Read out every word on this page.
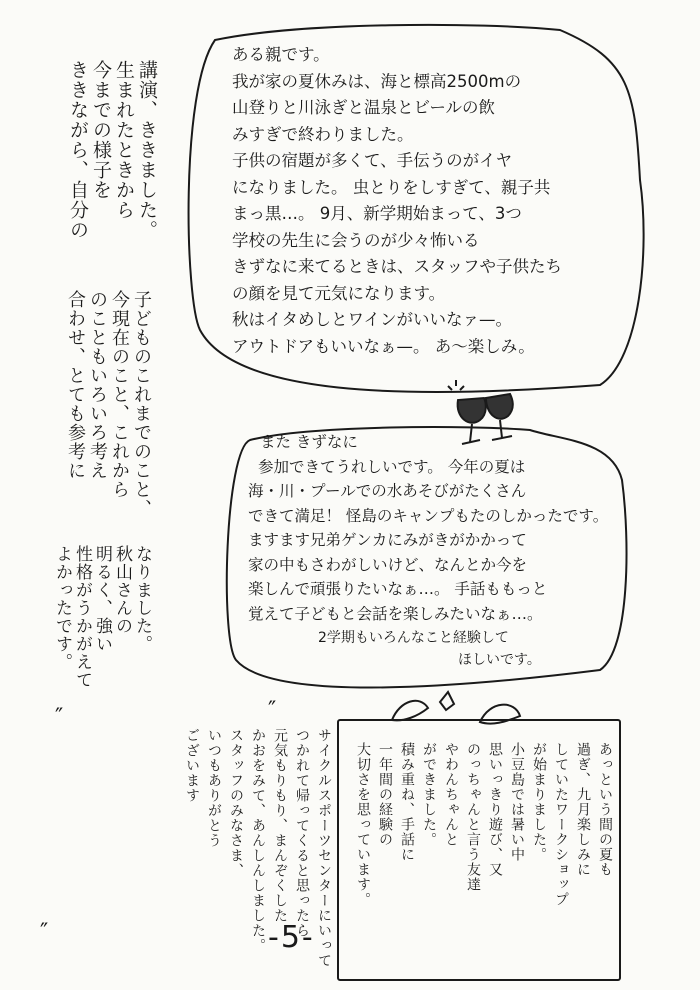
講演、ききました。
生まれたときから
今までの様子を
ききながら、自分の
子どものこれまでのこと、
今現在のこと、これから
のこともいろいろ考え
合わせ、とても参考に
なりました。
秋山さんの
明るく、強い
性格がうかがえて
よかったです。
ある親です。
我が家の夏休みは、海と標高2500mの
山登りと川泳ぎと温泉とビールの飲
みすぎで終わりました。
子供の宿題が多くて、手伝うのがイヤ
になりました。 虫とりをしすぎて、親子共
まっ黒…。 9月、新学期始まって、3つ
学校の先生に会うのが少々怖いる
きずなに来てるときは、スタッフや子供たち
の顔を見て元気になります。
秋はイタめしとワインがいいなァ—。
アウトドアもいいなぁ—。 あ〜楽しみ。
また きずなに
参加できてうれしいです。 今年の夏は
海・川・プールでの水あそびがたくさん
できて満足！ 怪島のキャンプもたのしかったです。
ますます兄弟ゲンカにみがきがかかって
家の中もさわがしいけど、なんとか今を
楽しんで頑張りたいなぁ…。 手話ももっと
覚えて子どもと会話を楽しみたいなぁ…。
2学期もいろんなこと経験して
ほしいです。
あっという間の夏も
過ぎ、九月楽しみに
していたワークショップ
が始まりました。
小豆島では暑い中
思いっきり遊び、又
のっちゃんと言う友達
やわんちゃんと
ができました。
積み重ね、手話に
一年間の経験の
大切さを思っています。
サイクルスポーツセンターにいって
つかれて帰ってくると思ったら
元気もりもり、まんぞくした
かおをみて、あんしんしました。
スタッフのみなさま、
いつもありがとう
ございます
″	″
″	-5-
